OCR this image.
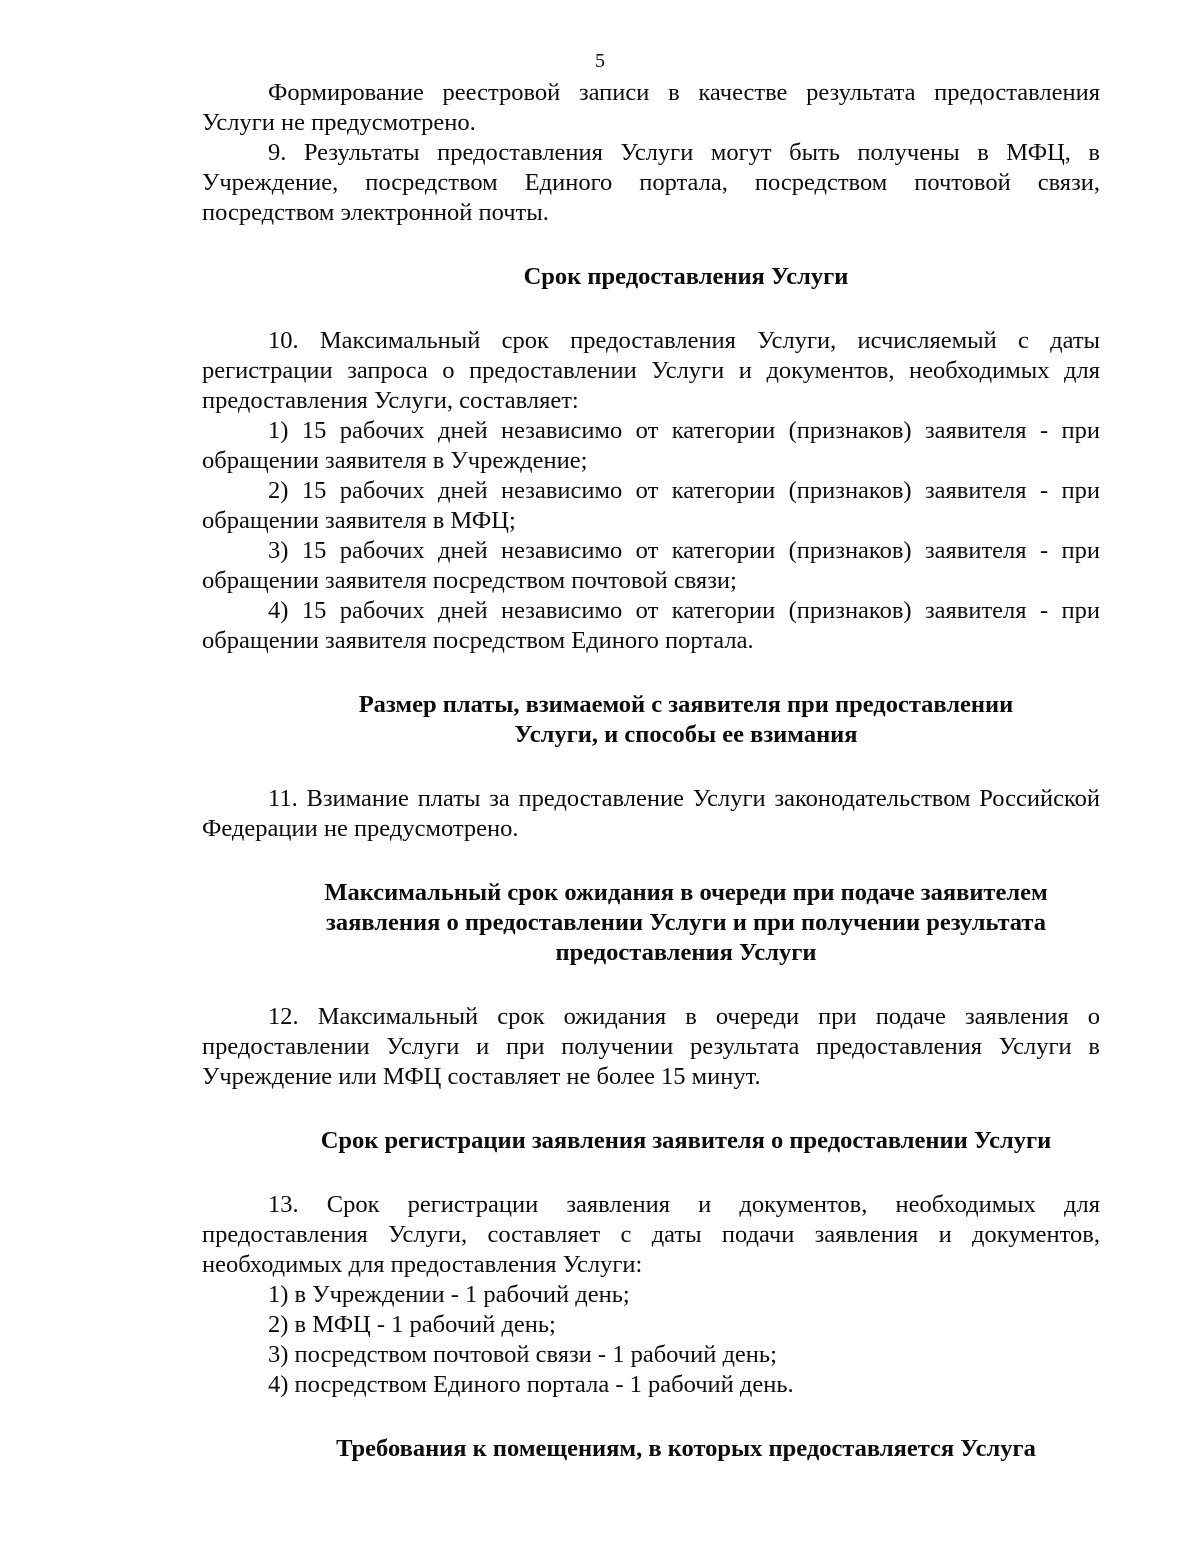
5

Формирование реестровой записи в качестве результата предоставления Услуги не предусмотрено.

9. Результаты предоставления Услуги могут быть получены в МФЦ, в Учреждение, посредством Единого портала, посредством почтовой связи, посредством электронной почты.

Срок предоставления Услуги

10. Максимальный срок предоставления Услуги, исчисляемый с даты регистрации запроса о предоставлении Услуги и документов, необходимых для предоставления Услуги, составляет:

1) 15 рабочих дней независимо от категории (признаков) заявителя - при обращении заявителя в Учреждение;

2) 15 рабочих дней независимо от категории (признаков) заявителя - при обращении заявителя в МФЦ;

3) 15 рабочих дней независимо от категории (признаков) заявителя - при обращении заявителя посредством почтовой связи;

4) 15 рабочих дней независимо от категории (признаков) заявителя - при обращении заявителя посредством Единого портала.

Размер платы, взимаемой с заявителя при предоставлении
Услуги, и способы ее взимания

11. Взимание платы за предоставление Услуги законодательством Российской Федерации не предусмотрено.

Максимальный срок ожидания в очереди при подаче заявителем
заявления о предоставлении Услуги и при получении результата
предоставления Услуги

12. Максимальный срок ожидания в очереди при подаче заявления о предоставлении Услуги и при получении результата предоставления Услуги в Учреждение или МФЦ составляет не более 15 минут.

Срок регистрации заявления заявителя о предоставлении Услуги

13. Срок регистрации заявления и документов, необходимых для предоставления Услуги, составляет с даты подачи заявления и документов, необходимых для предоставления Услуги:

1) в Учреждении - 1 рабочий день;

2) в МФЦ - 1 рабочий день;

3) посредством почтовой связи - 1 рабочий день;

4) посредством Единого портала - 1 рабочий день.

Требования к помещениям, в которых предоставляется Услуга
